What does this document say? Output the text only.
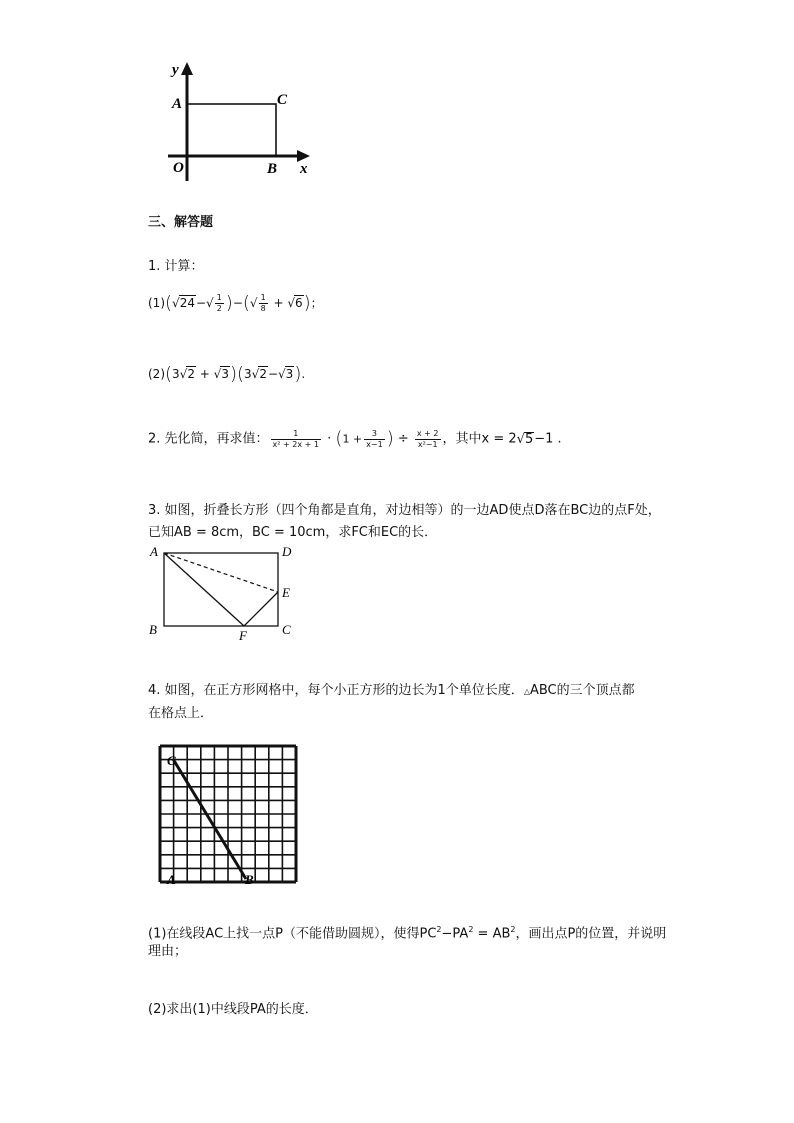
y
A	C
O	B x
三、解答题
1. 计算：
$(1)(√24-√ \frac{1}{2}$ )−(√ $\frac{1}{8} + √6$)；
(2)(3√2 + √3)(3√2−√3).
2. 先化简，再求值： $\frac{1}{\text{x² + 2x + 1}} \cdot (1 + \frac{3}{x-1}$ ) ÷ $\frac{x + 2}{\text{x²−1}}$ ，其中x = 2√5−1 .
3. 如图，折叠长方形（四个角都是直角，对边相等）的一边AD使点D落在BC边的点F处，
已知AB = 8cm，BC = 10cm，求FC和EC的长．
A	D
E
B	F	C
4. 如图，在正方形网格中，每个小正方形的边长为1个单位长度．△ABC的三个顶点都
在格点上．
C
A	B
(1)在线段AC上找一点P（不能借助圆规），使得$PC^2-PA^2 = AB^2$，画出点P的位置，并说明
理由；
(2)求出(1)中线段PA的长度．
